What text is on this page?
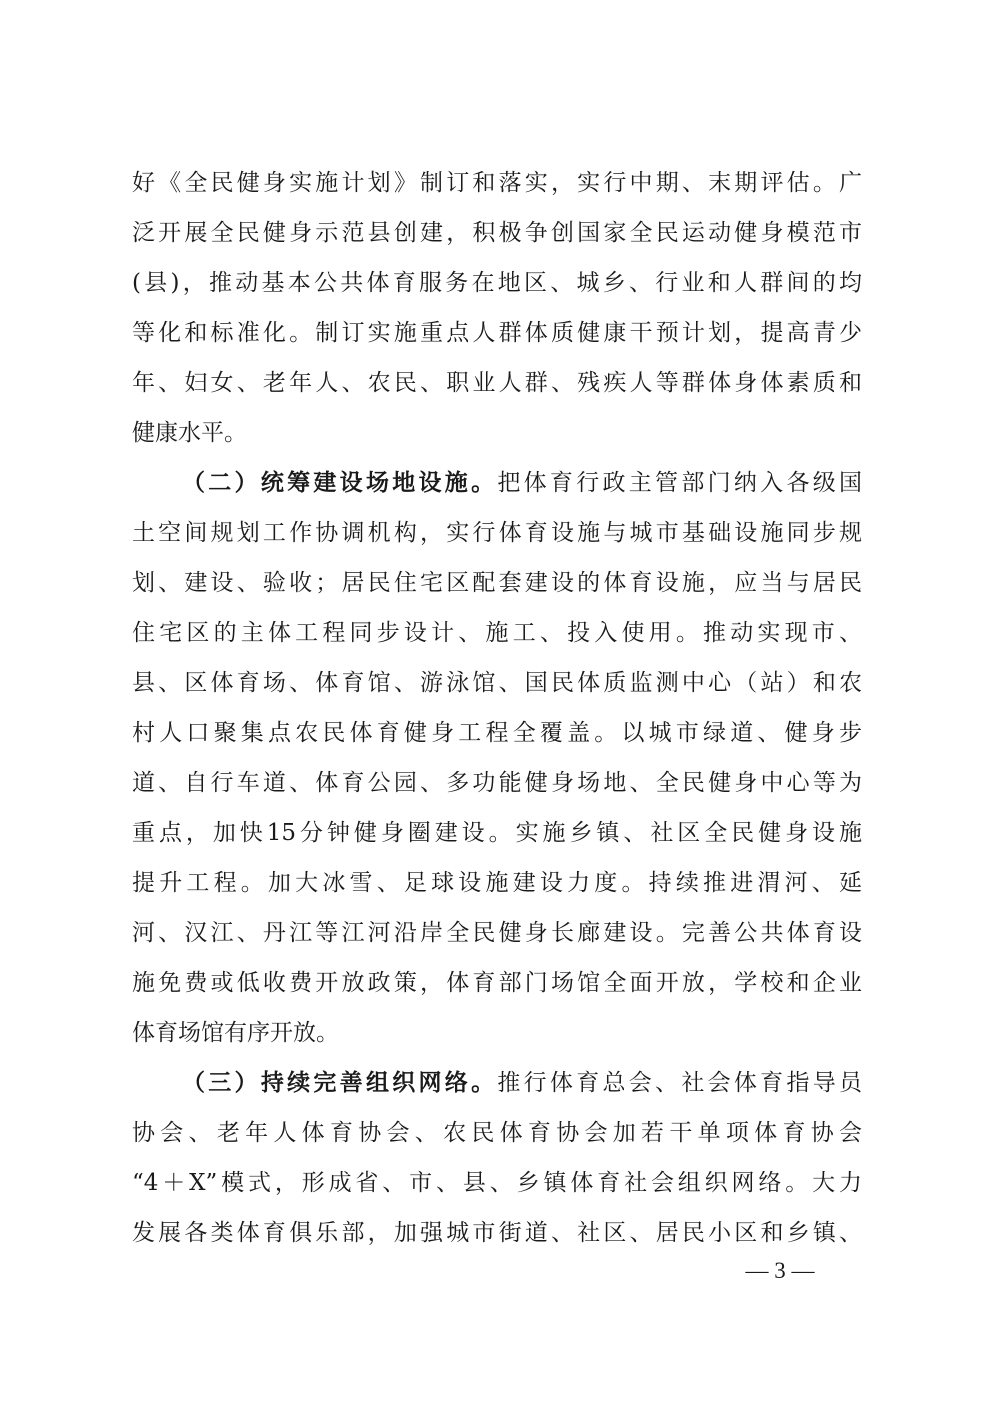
好《全民健身实施计划》制订和落实，实行中期、末期评估。广
泛开展全民健身示范县创建，积极争创国家全民运动健身模范市
(县)，推动基本公共体育服务在地区、城乡、行业和人群间的均
等化和标准化。制订实施重点人群体质健康干预计划，提高青少
年、妇女、老年人、农民、职业人群、残疾人等群体身体素质和
健康水平。
（二）统筹建设场地设施。把体育行政主管部门纳入各级国
土空间规划工作协调机构，实行体育设施与城市基础设施同步规
划、建设、验收；居民住宅区配套建设的体育设施，应当与居民
住宅区的主体工程同步设计、施工、投入使用。推动实现市、
县、区体育场、体育馆、游泳馆、国民体质监测中心（站）和农
村人口聚集点农民体育健身工程全覆盖。以城市绿道、健身步
道、自行车道、体育公园、多功能健身场地、全民健身中心等为
重点，加快15分钟健身圈建设。实施乡镇、社区全民健身设施
提升工程。加大冰雪、足球设施建设力度。持续推进渭河、延
河、汉江、丹江等江河沿岸全民健身长廊建设。完善公共体育设
施免费或低收费开放政策，体育部门场馆全面开放，学校和企业
体育场馆有序开放。
（三）持续完善组织网络。推行体育总会、社会体育指导员
协会、老年人体育协会、农民体育协会加若干单项体育协会
“4＋X”模式，形成省、市、县、乡镇体育社会组织网络。大力
发展各类体育俱乐部，加强城市街道、社区、居民小区和乡镇、
— 3 —
